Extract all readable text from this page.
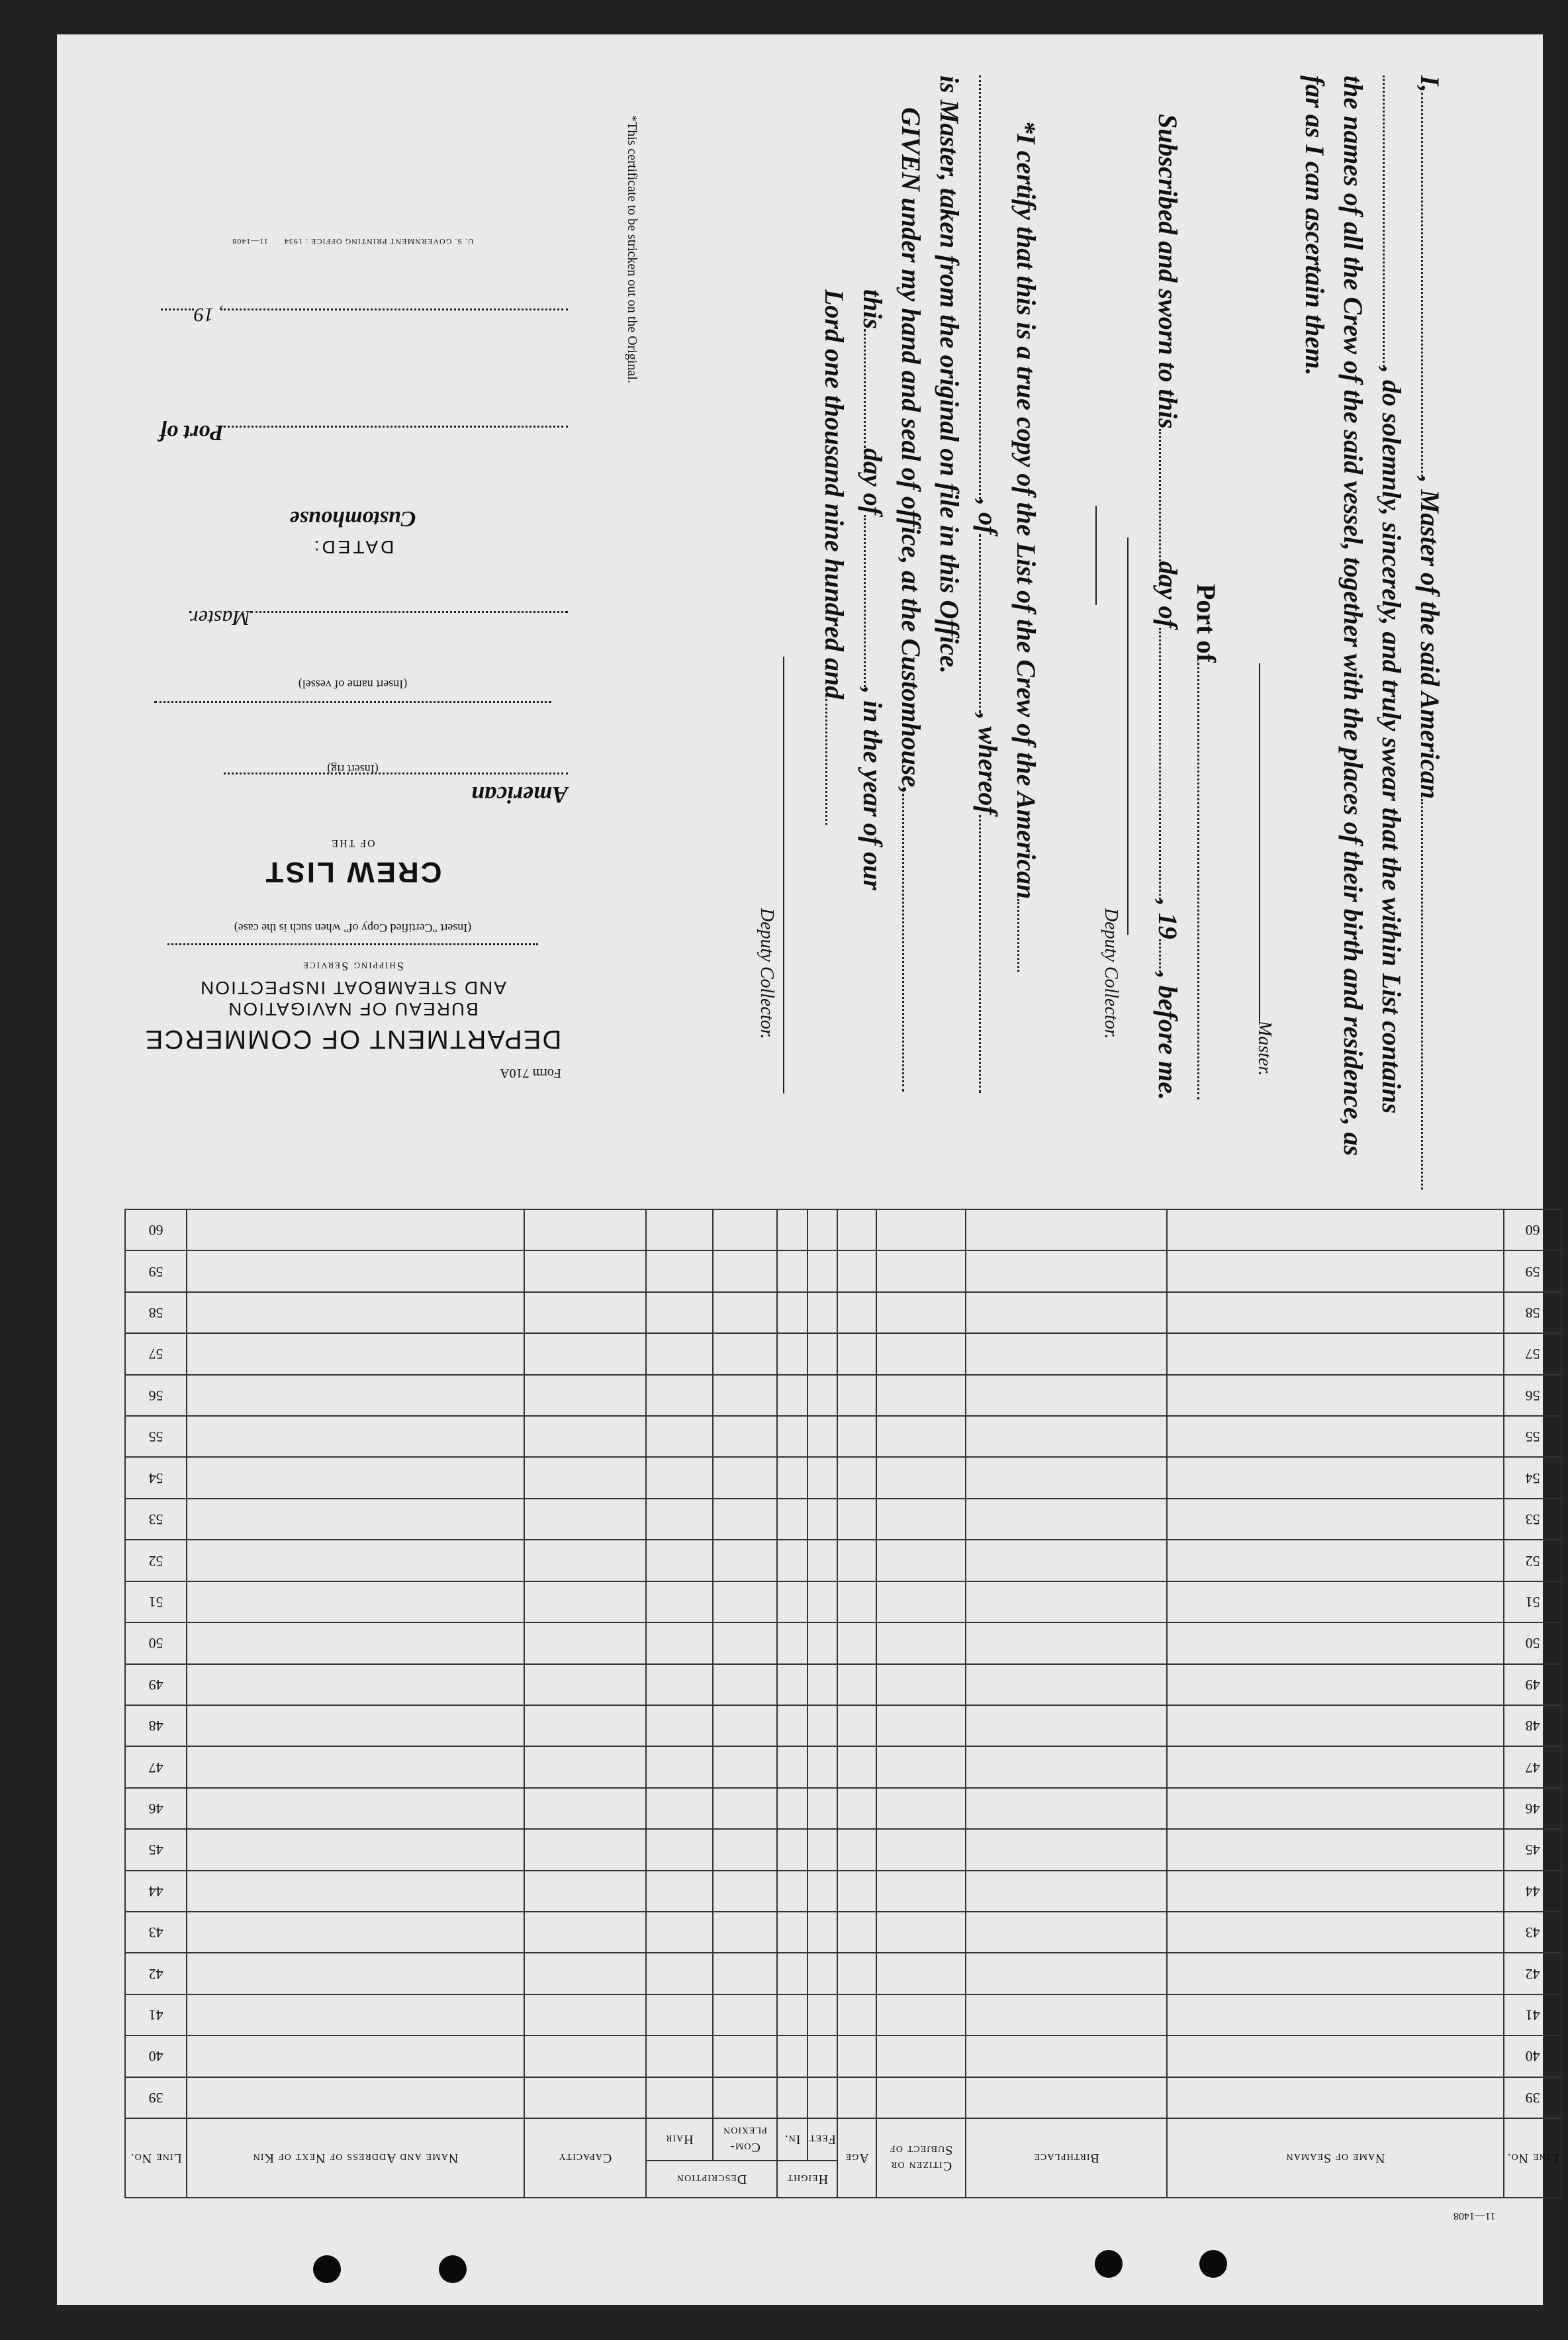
I,, Master of the said American
, do solemnly, sincerely, and truly swear that the within List contains
the names of all the Crew of the said vessel, together with the places of their birth and residence, as
far as I can ascertain them.
Master.
Port of
Subscribed and sworn to thisday of, 19, before me.
Deputy Collector.
*I certify that this is a true copy of the List of the Crew of the American
, of, whereof
is Master, taken from the original on file in this Office.
GIVEN under my hand and seal of office, at the Customhouse,
thisday of, in the year of our
Lord one thousand nine hundred and
Deputy Collector.
*This certificate to be stricken out on the Original.
Form 710A
DEPARTMENT OF COMMERCE
BUREAU OF NAVIGATION
AND STEAMBOAT INSPECTION
Shipping Service
(Insert "Certified Copy of" when such is the case)
CREW LIST
OF THE
American
(Insert rig)
(Insert name of vessel)
Master.
DATED:
Customhouse
Port of
, 19
U. S. GOVERNMENT PRINTING OFFICE : 1934      11—1408
Line No.	Name of Seaman	Birthplace	Citizen or Subject of	Age	Height		Description		Capacity	Name and Address of Next of Kin	Line No.
					Feet	In.	Com-plexion	Hair			
39											39
40											40
41											41
42											42
43											43
44											44
45											45
46											46
47											47
48											48
49											49
50											50
51											51
52											52
53											53
54											54
55											55
56											56
57											57
58											58
59											59
60											60
11—1408
